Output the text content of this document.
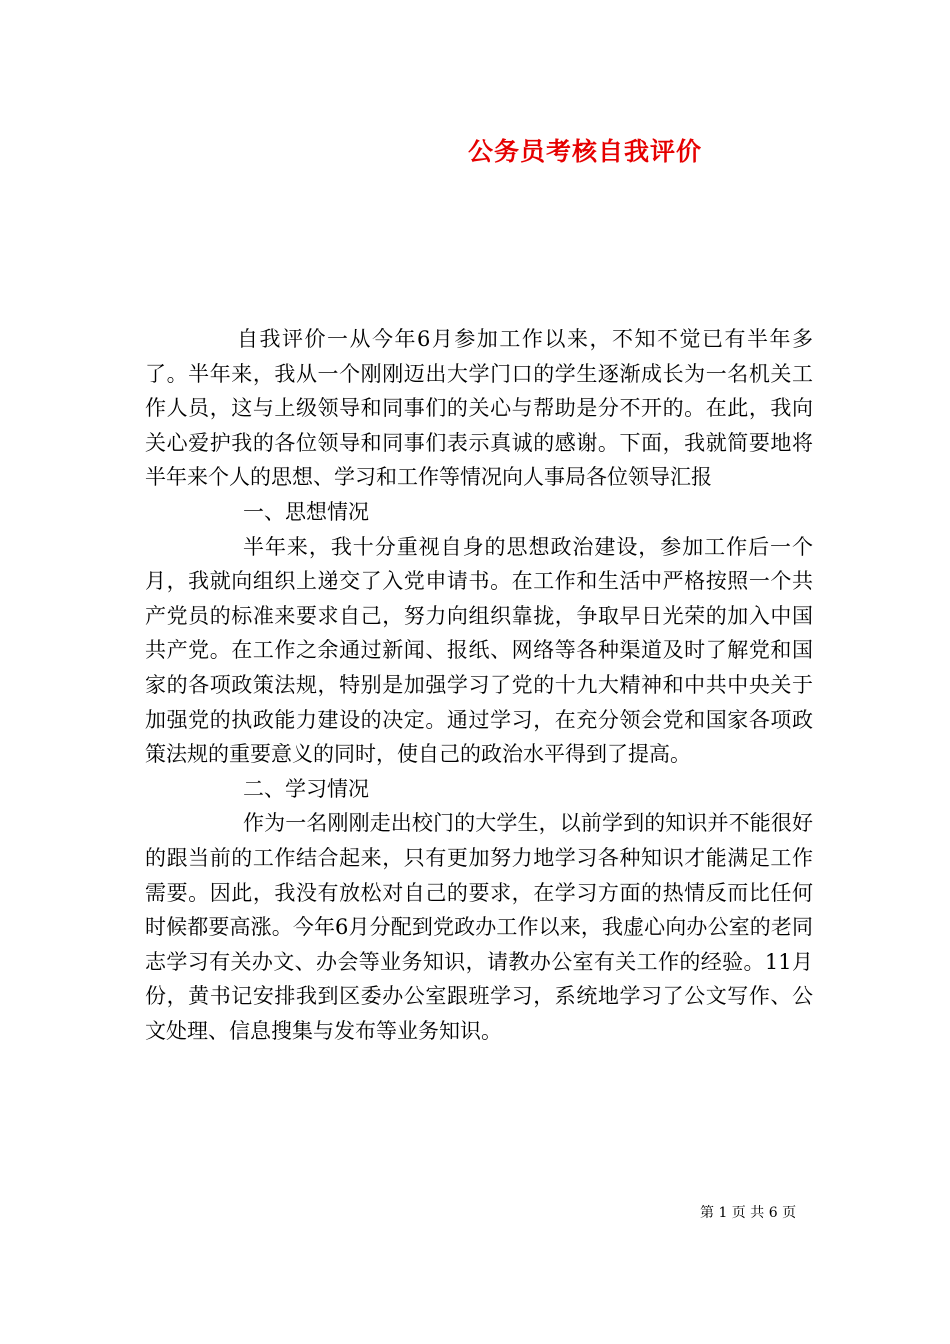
公务员考核自我评价

自我评价一从今年6月参加工作以来，不知不觉已有半年多了。半年来，我从一个刚刚迈出大学门口的学生逐渐成长为一名机关工作人员，这与上级领导和同事们的关心与帮助是分不开的。在此，我向关心爱护我的各位领导和同事们表示真诚的感谢。下面，我就简要地将半年来个人的思想、学习和工作等情况向人事局各位领导汇报

一、思想情况

半年来，我十分重视自身的思想政治建设，参加工作后一个月，我就向组织上递交了入党申请书。在工作和生活中严格按照一个共产党员的标准来要求自己，努力向组织靠拢，争取早日光荣的加入中国共产党。在工作之余通过新闻、报纸、网络等各种渠道及时了解党和国家的各项政策法规，特别是加强学习了党的十九大精神和中共中央关于加强党的执政能力建设的决定。通过学习，在充分领会党和国家各项政策法规的重要意义的同时，使自己的政治水平得到了提高。

二、学习情况

作为一名刚刚走出校门的大学生，以前学到的知识并不能很好的跟当前的工作结合起来，只有更加努力地学习各种知识才能满足工作需要。因此，我没有放松对自己的要求，在学习方面的热情反而比任何时候都要高涨。今年6月分配到党政办工作以来，我虚心向办公室的老同志学习有关办文、办会等业务知识，请教办公室有关工作的经验。11月份，黄书记安排我到区委办公室跟班学习，系统地学习了公文写作、公文处理、信息搜集与发布等业务知识。

第 1 页 共 6 页
